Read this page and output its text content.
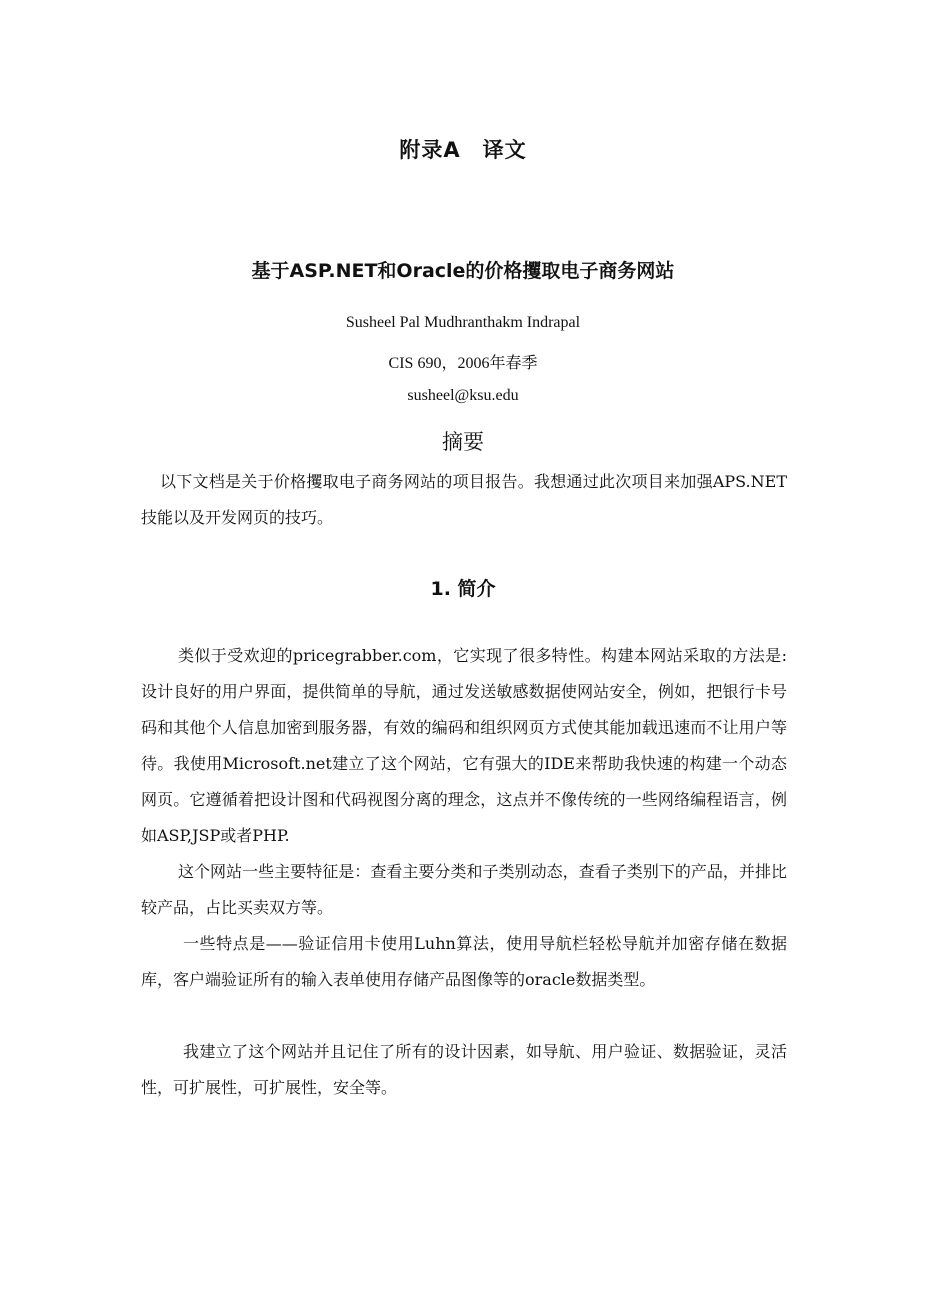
附录A　译文
基于ASP.NET和Oracle的价格攫取电子商务网站
Susheel Pal Mudhranthakm Indrapal
CIS 690，2006年春季
susheel@ksu.edu
摘要

以下文档是关于价格攫取电子商务网站的项目报告。我想通过此次项目来加强APS.NET技能以及开发网页的技巧。

1. 简介

类似于受欢迎的pricegrabber.com，它实现了很多特性。构建本网站采取的方法是:设计良好的用户界面，提供简单的导航，通过发送敏感数据使网站安全，例如，把银行卡号码和其他个人信息加密到服务器，有效的编码和组织网页方式使其能加载迅速而不让用户等待。我使用Microsoft.net建立了这个网站，它有强大的IDE来帮助我快速的构建一个动态网页。它遵循着把设计图和代码视图分离的理念，这点并不像传统的一些网络编程语言，例如ASP,JSP或者PHP.

这个网站一些主要特征是：查看主要分类和子类别动态，查看子类别下的产品，并排比较产品，占比买卖双方等。

一些特点是——验证信用卡使用Luhn算法，使用导航栏轻松导航并加密存储在数据库，客户端验证所有的输入表单使用存储产品图像等的oracle数据类型。

我建立了这个网站并且记住了所有的设计因素，如导航、用户验证、数据验证，灵活性，可扩展性，可扩展性，安全等。
